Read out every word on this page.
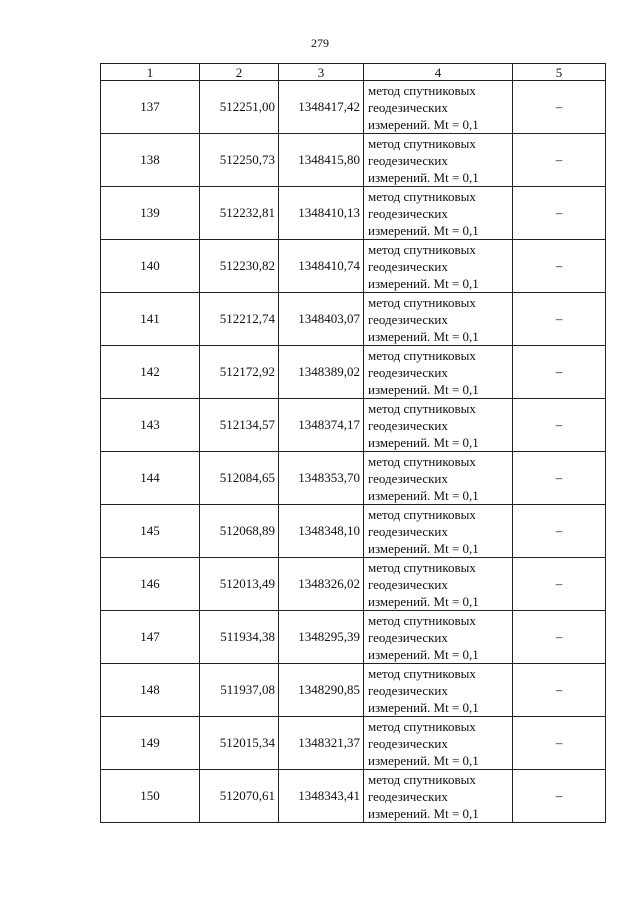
279
1	2	3	4	5
137	512251,00	1348417,42	метод спутниковых
геодезических
измерений. Mt = 0,1	–
138	512250,73	1348415,80	метод спутниковых
геодезических
измерений. Mt = 0,1	–
139	512232,81	1348410,13	метод спутниковых
геодезических
измерений. Mt = 0,1	–
140	512230,82	1348410,74	метод спутниковых
геодезических
измерений. Mt = 0,1	–
141	512212,74	1348403,07	метод спутниковых
геодезических
измерений. Mt = 0,1	–
142	512172,92	1348389,02	метод спутниковых
геодезических
измерений. Mt = 0,1	–
143	512134,57	1348374,17	метод спутниковых
геодезических
измерений. Mt = 0,1	–
144	512084,65	1348353,70	метод спутниковых
геодезических
измерений. Mt = 0,1	–
145	512068,89	1348348,10	метод спутниковых
геодезических
измерений. Mt = 0,1	–
146	512013,49	1348326,02	метод спутниковых
геодезических
измерений. Mt = 0,1	–
147	511934,38	1348295,39	метод спутниковых
геодезических
измерений. Mt = 0,1	–
148	511937,08	1348290,85	метод спутниковых
геодезических
измерений. Mt = 0,1	–
149	512015,34	1348321,37	метод спутниковых
геодезических
измерений. Mt = 0,1	–
150	512070,61	1348343,41	метод спутниковых
геодезических
измерений. Mt = 0,1	–
